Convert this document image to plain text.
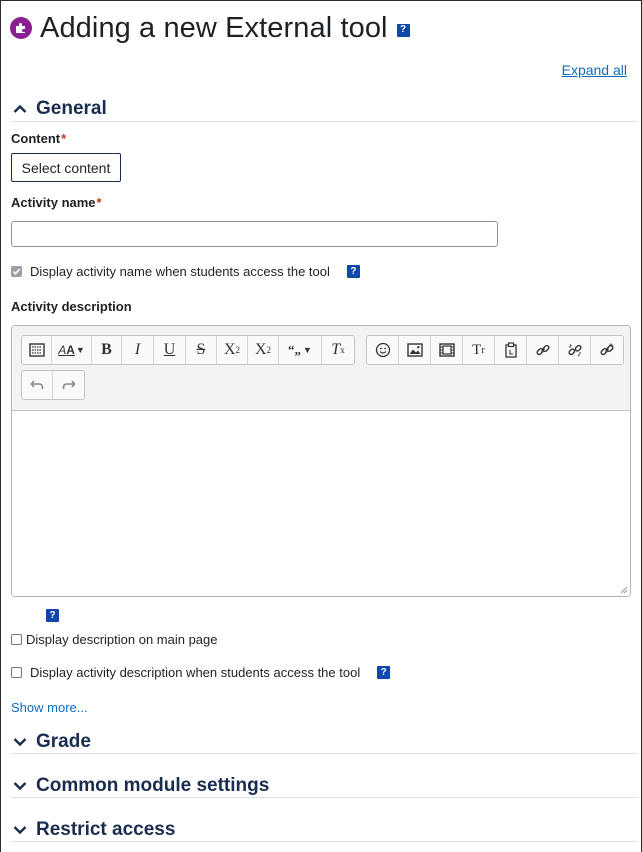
Adding a new External tool	?
Expand all
General
Content*
Select content
Activity name*
Display activity name when students access the tool	?
Activity description
A A ▼	B	I	U	S	X 2 X 2	“„ ▼	T x	T r
?
Display description on main page
Display activity description when students access the tool	?
Show more...
Grade
Common module settings
Restrict access
